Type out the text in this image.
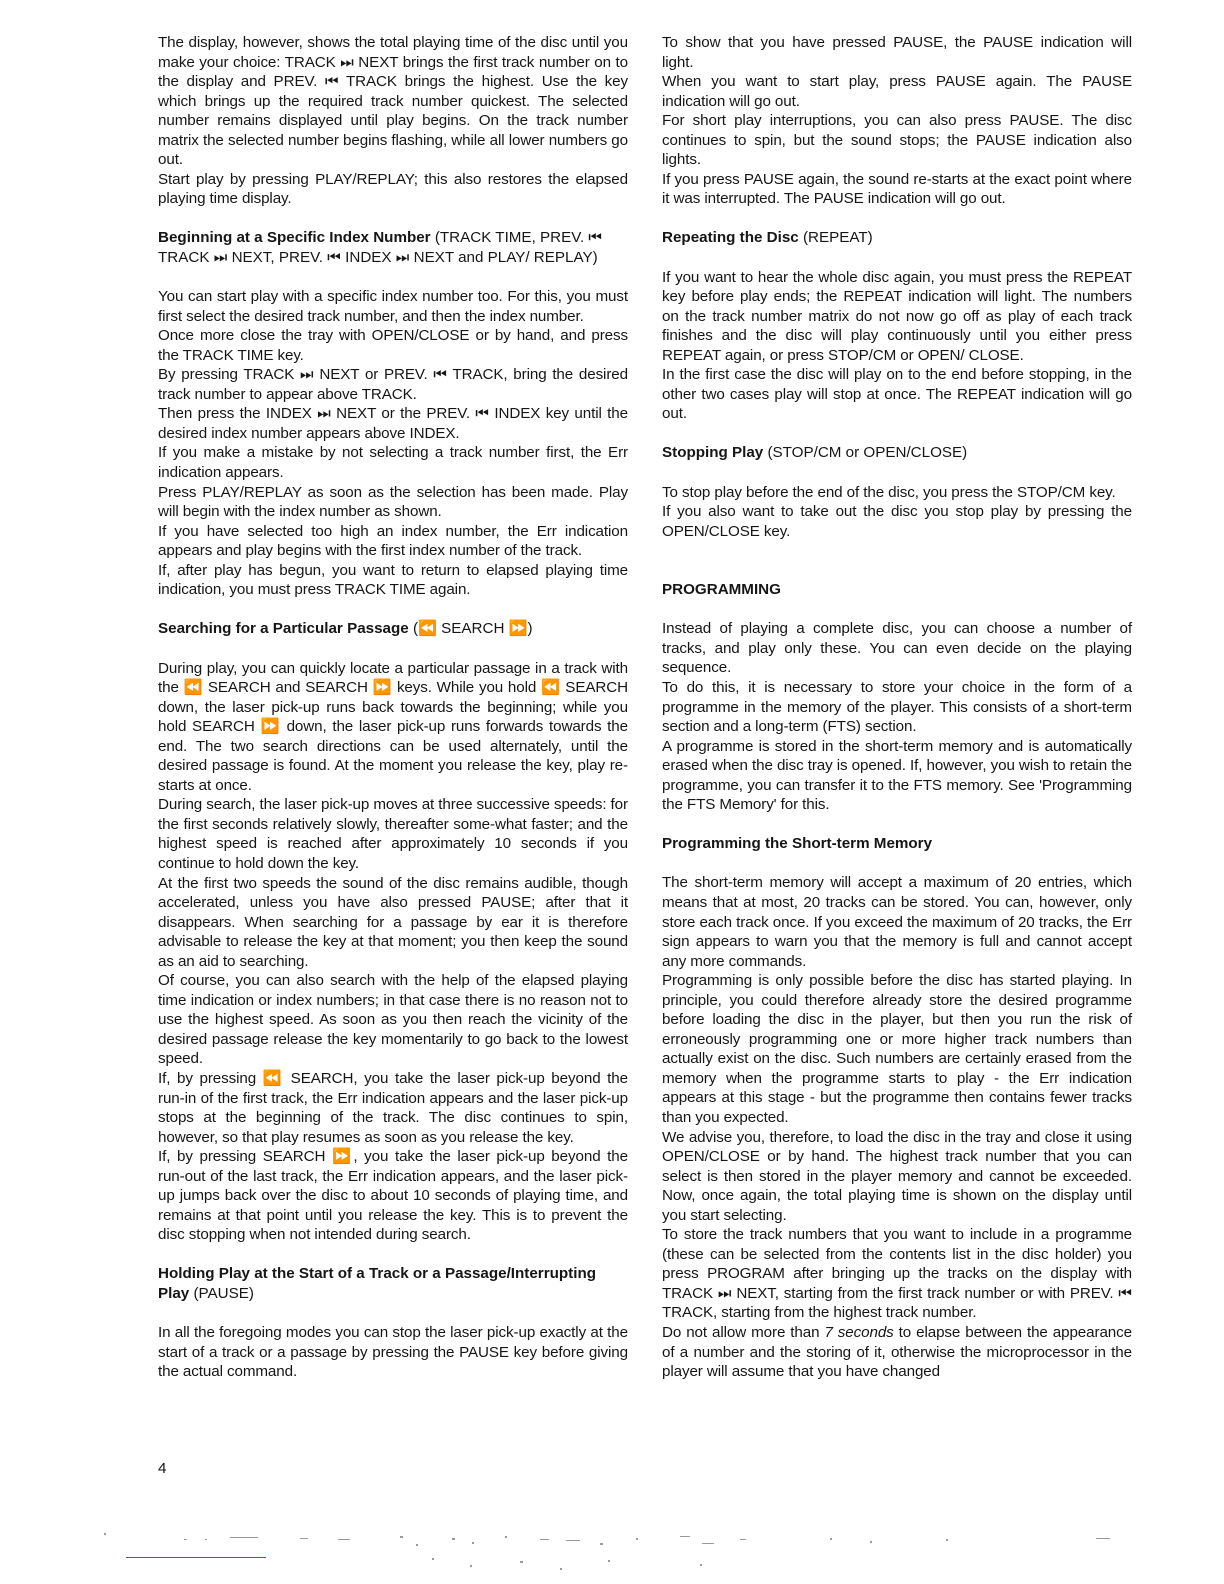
The display, however, shows the total playing time of the disc until you make your choice: TRACK ⏭ NEXT brings the first track number on to the display and PREV. ⏮ TRACK brings the highest. Use the key which brings up the required track number quickest. The selected number remains displayed until play begins. On the track number matrix the selected number begins flashing, while all lower numbers go out.

Start play by pressing PLAY/REPLAY; this also restores the elapsed playing time display.

Beginning at a Specific Index Number (TRACK TIME, PREV. ⏮ TRACK ⏭ NEXT, PREV. ⏮ INDEX ⏭ NEXT and PLAY/ REPLAY)

You can start play with a specific index number too. For this, you must first select the desired track number, and then the index number.

Once more close the tray with OPEN/CLOSE or by hand, and press the TRACK TIME key.

By pressing TRACK ⏭ NEXT or PREV. ⏮ TRACK, bring the desired track number to appear above TRACK.

Then press the INDEX ⏭ NEXT or the PREV. ⏮ INDEX key until the desired index number appears above INDEX.

If you make a mistake by not selecting a track number first, the Err indication appears.

Press PLAY/REPLAY as soon as the selection has been made. Play will begin with the index number as shown.

If you have selected too high an index number, the Err indication appears and play begins with the first index number of the track.

If, after play has begun, you want to return to elapsed playing time indication, you must press TRACK TIME again.

Searching for a Particular Passage (⏪ SEARCH ⏩)

During play, you can quickly locate a particular passage in a track with the ⏪ SEARCH and SEARCH ⏩ keys. While you hold ⏪ SEARCH down, the laser pick-up runs back towards the beginning; while you hold SEARCH ⏩ down, the laser pick-up runs forwards towards the end. The two search directions can be used alternately, until the desired passage is found. At the moment you release the key, play re-starts at once.

During search, the laser pick-up moves at three successive speeds: for the first seconds relatively slowly, thereafter some-what faster; and the highest speed is reached after approximately 10 seconds if you continue to hold down the key.

At the first two speeds the sound of the disc remains audible, though accelerated, unless you have also pressed PAUSE; after that it disappears. When searching for a passage by ear it is therefore advisable to release the key at that moment; you then keep the sound as an aid to searching.

Of course, you can also search with the help of the elapsed playing time indication or index numbers; in that case there is no reason not to use the highest speed. As soon as you then reach the vicinity of the desired passage release the key momentarily to go back to the lowest speed.

If, by pressing ⏪ SEARCH, you take the laser pick-up beyond the run-in of the first track, the Err indication appears and the laser pick-up stops at the beginning of the track. The disc continues to spin, however, so that play resumes as soon as you release the key.

If, by pressing SEARCH ⏩, you take the laser pick-up beyond the run-out of the last track, the Err indication appears, and the laser pick-up jumps back over the disc to about 10 seconds of playing time, and remains at that point until you release the key. This is to prevent the disc stopping when not intended during search.

Holding Play at the Start of a Track or a Passage/Interrupting Play (PAUSE)

In all the foregoing modes you can stop the laser pick-up exactly at the start of a track or a passage by pressing the PAUSE key before giving the actual command.

To show that you have pressed PAUSE, the PAUSE indication will light.

When you want to start play, press PAUSE again. The PAUSE indication will go out.

For short play interruptions, you can also press PAUSE. The disc continues to spin, but the sound stops; the PAUSE indication also lights.

If you press PAUSE again, the sound re-starts at the exact point where it was interrupted. The PAUSE indication will go out.

Repeating the Disc (REPEAT)

If you want to hear the whole disc again, you must press the REPEAT key before play ends; the REPEAT indication will light. The numbers on the track number matrix do not now go off as play of each track finishes and the disc will play continuously until you either press REPEAT again, or press STOP/CM or OPEN/ CLOSE.

In the first case the disc will play on to the end before stopping, in the other two cases play will stop at once. The REPEAT indication will go out.

Stopping Play (STOP/CM or OPEN/CLOSE)

To stop play before the end of the disc, you press the STOP/CM key.

If you also want to take out the disc you stop play by pressing the OPEN/CLOSE key.

PROGRAMMING

Instead of playing a complete disc, you can choose a number of tracks, and play only these. You can even decide on the playing sequence.

To do this, it is necessary to store your choice in the form of a programme in the memory of the player. This consists of a short-term section and a long-term (FTS) section.

A programme is stored in the short-term memory and is automatically erased when the disc tray is opened. If, however, you wish to retain the programme, you can transfer it to the FTS memory. See 'Programming the FTS Memory' for this.

Programming the Short-term Memory

The short-term memory will accept a maximum of 20 entries, which means that at most, 20 tracks can be stored. You can, however, only store each track once. If you exceed the maximum of 20 tracks, the Err sign appears to warn you that the memory is full and cannot accept any more commands.

Programming is only possible before the disc has started playing. In principle, you could therefore already store the desired programme before loading the disc in the player, but then you run the risk of erroneously programming one or more higher track numbers than actually exist on the disc. Such numbers are certainly erased from the memory when the programme starts to play - the Err indication appears at this stage - but the programme then contains fewer tracks than you expected.

We advise you, therefore, to load the disc in the tray and close it using OPEN/CLOSE or by hand. The highest track number that you can select is then stored in the player memory and cannot be exceeded. Now, once again, the total playing time is shown on the display until you start selecting.

To store the track numbers that you want to include in a programme (these can be selected from the contents list in the disc holder) you press PROGRAM after bringing up the tracks on the display with TRACK ⏭ NEXT, starting from the first track number or with PREV. ⏮ TRACK, starting from the highest track number.

Do not allow more than 7 seconds to elapse between the appearance of a number and the storing of it, otherwise the microprocessor in the player will assume that you have changed

4
